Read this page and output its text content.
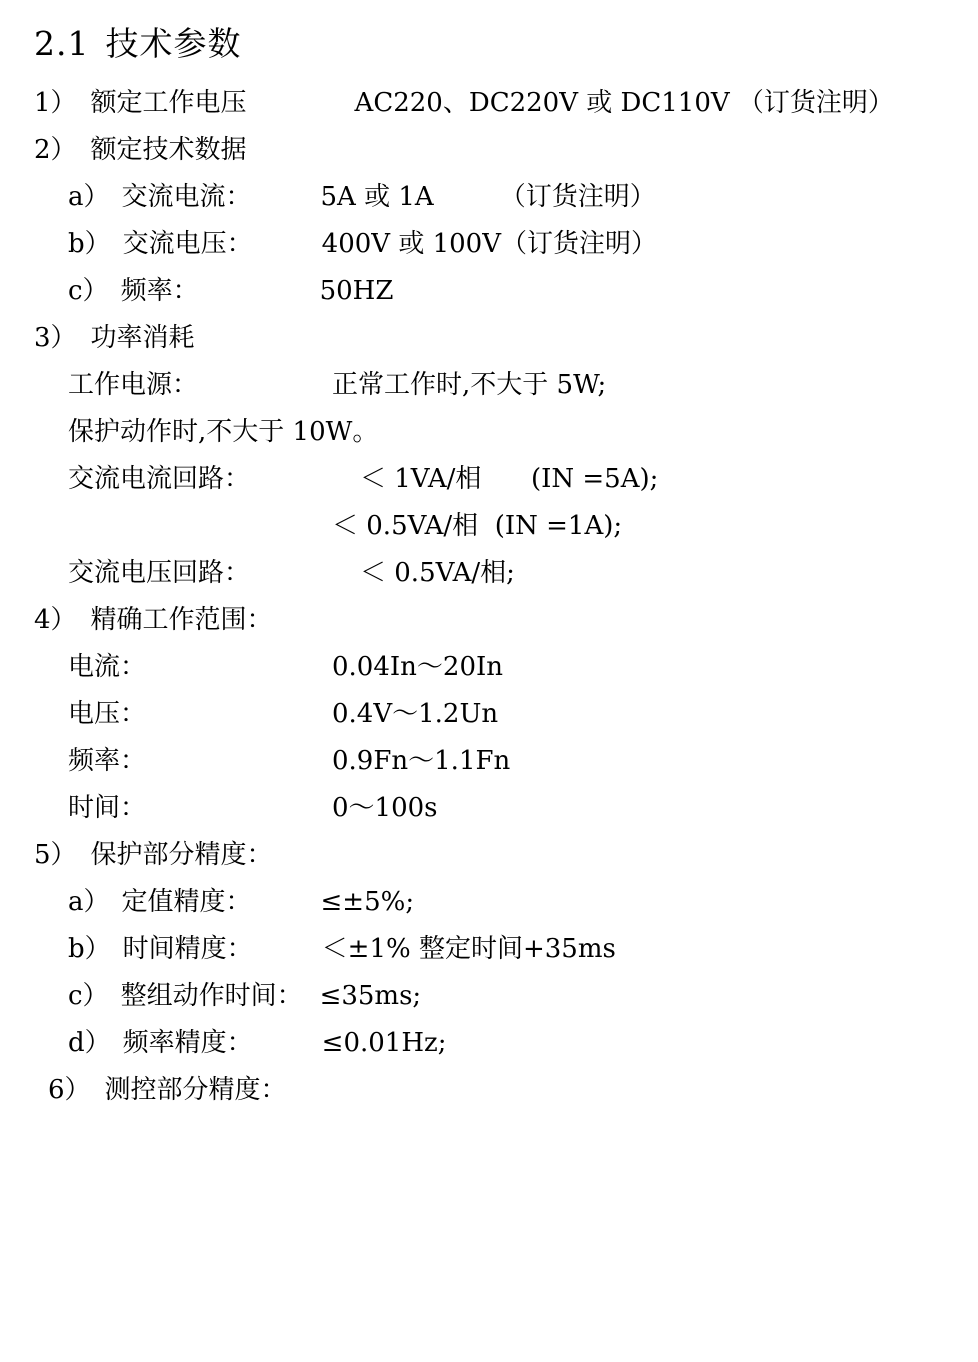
2.1 技术参数
1） 额定工作电压	AC220、DC220V 或 DC110V （订货注明）
2） 额定技术数据
a） 交流电流：	5A 或 1A        （订货注明）
b） 交流电压：	400V 或 100V（订货注明）
c） 频率：	50HZ
3） 功率消耗
工作电源：	正常工作时,不大于 5W;
保护动作时,不大于 10W。
交流电流回路：	＜ 1VA/相      (IN =5A);
＜ 0.5VA/相  (IN =1A);
交流电压回路：	＜ 0.5VA/相;
4） 精确工作范围：
电流：	0.04In～20In
电压：	0.4V～1.2Un
频率：	0.9Fn～1.1Fn
时间：	0～100s
5） 保护部分精度：
a） 定值精度：	≤±5%;
b） 时间精度：	＜±1% 整定时间+35ms
c） 整组动作时间： ≤35ms;
d） 频率精度：	≤0.01Hz;
6） 测控部分精度：
